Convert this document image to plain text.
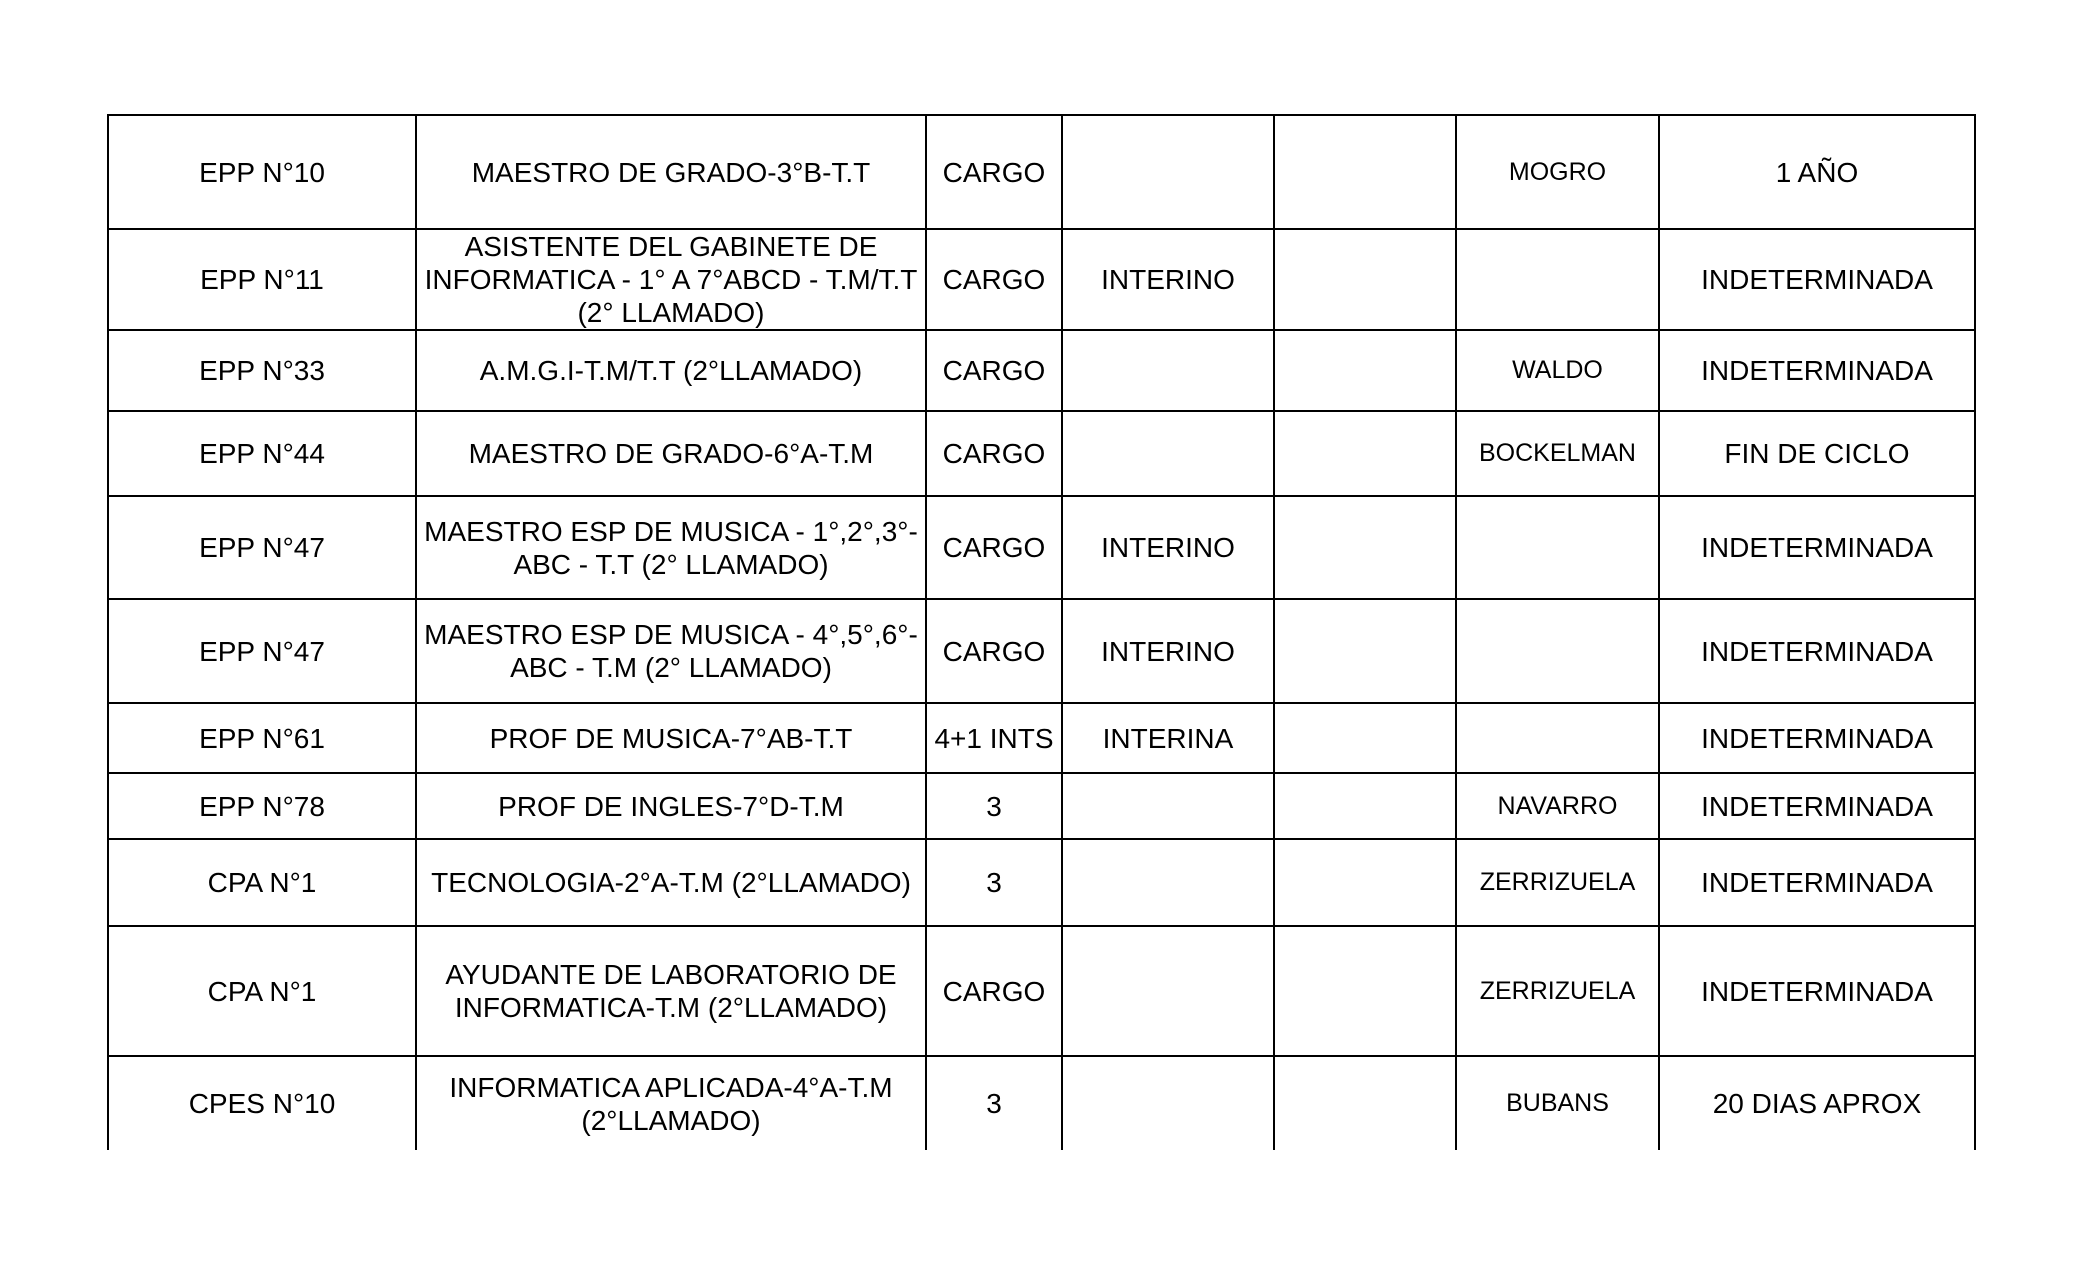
EPP N°10	MAESTRO DE GRADO-3°B-T.T	CARGO			MOGRO	1 AÑO
EPP N°11	ASISTENTE DEL GABINETE DE INFORMATICA - 1° A 7°ABCD - T.M/T.T (2° LLAMADO)	CARGO	INTERINO			INDETERMINADA
EPP N°33	A.M.G.I-T.M/T.T (2°LLAMADO)	CARGO			WALDO	INDETERMINADA
EPP N°44	MAESTRO DE GRADO-6°A-T.M	CARGO			BOCKELMAN	FIN DE CICLO
EPP N°47	MAESTRO ESP DE MUSICA - 1°,2°,3°-ABC - T.T (2° LLAMADO)	CARGO	INTERINO			INDETERMINADA
EPP N°47	MAESTRO ESP DE MUSICA - 4°,5°,6°-ABC - T.M (2° LLAMADO)	CARGO	INTERINO			INDETERMINADA
EPP N°61	PROF DE MUSICA-7°AB-T.T	4+1 INTS	INTERINA			INDETERMINADA
EPP N°78	PROF DE INGLES-7°D-T.M	3			NAVARRO	INDETERMINADA
CPA N°1	TECNOLOGIA-2°A-T.M (2°LLAMADO)	3			ZERRIZUELA	INDETERMINADA
CPA N°1	AYUDANTE DE LABORATORIO DE INFORMATICA-T.M (2°LLAMADO)	CARGO			ZERRIZUELA	INDETERMINADA
CPES N°10	INFORMATICA APLICADA-4°A-T.M (2°LLAMADO)	3			BUBANS	20 DIAS APROX
